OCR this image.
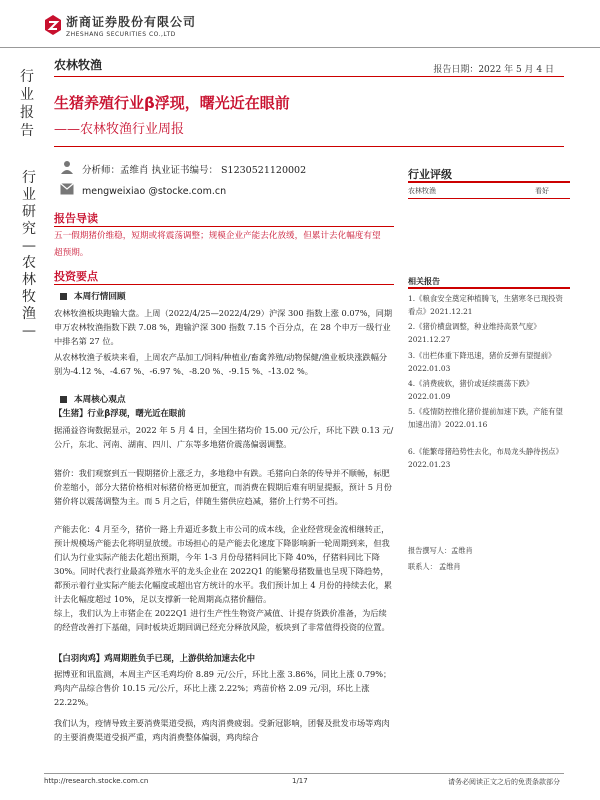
浙商证券股份有限公司
ZHESHANG SECURITIES CO.,LTD
行
业
报
告
行
业
研
究
—
农
林
牧
渔
—
农林牧渔	报告日期：2022 年 5 月 4 日
生猪养殖行业β浮现，曙光近在眼前
——农林牧渔行业周报
分析师：孟维肖 执业证书编号： S1230521120002
mengweixiao @stocke.com.cn
行业评级
农林牧渔	看好
报告导读
五一假期猪价维稳，短期或将震荡调整；规模企业产能去化放缓，但累计去化幅度有望超预期。
投资要点
本周行情回顾
农林牧渔板块跑输大盘。上周（2022/4/25—2022/4/29）沪深 300 指数上涨 0.07%，同期申万农林牧渔指数下跌 7.08 %，跑输沪深 300 指数 7.15 个百分点，在 28 个申万一级行业中排名第 27 位。
从农林牧渔子板块来看，上周农产品加工/饲料/种植业/畜禽养殖/动物保健/渔业板块涨跌幅分别为-4.12 %、-4.67 %、-6.97 %、-8.20 %、-9.15 %、-13.02 %。
本周核心观点
【生猪】行业β浮现，曙光近在眼前
据涌益咨询数据显示，2022 年 5 月 4 日，全国生猪均价 15.00 元/公斤，环比下跌 0.13 元/公斤，东北、河南、湖南、四川、广东等多地猪价震荡偏弱调整。
猪价：我们观察到五一假期猪价上涨乏力，多地稳中有跌。毛猪向白条的传导并不顺畅，标肥价差缩小，部分大猪价格相对标猪价格更加便宜，而消费在假期后难有明显提振，预计 5 月份猪价将以震荡调整为主。而 5 月之后，伴随生猪供应趋减，猪价上行势不可挡。
产能去化：4 月至今，猪价一路上升逼近多数上市公司的成本线，企业经营现金流相继转正，预计规模场产能去化将明显放缓。市场担心的是产能去化速度下降影响新一轮周期到来，但我们认为行业实际产能去化超出预期，今年 1-3 月份母猪料同比下降 40%，仔猪料同比下降 30%。同时代表行业最高养殖水平的龙头企业在 2022Q1 的能繁母猪数量也呈现下降趋势，都预示着行业实际产能去化幅度或超出官方统计的水平。我们预计加上 4 月份的持续去化，累计去化幅度超过 10%，足以支撑新一轮周期高点猪价翻倍。
综上，我们认为上市猪企在 2022Q1 进行生产性生物资产减值、计提存货跌价准备，为后续的经营改善打下基础，同时板块近期回调已经充分释放风险，板块到了非常值得投资的位置。
【白羽肉鸡】鸡周期胜负手已现，上游供给加速去化中
据博亚和讯监测，本周主产区毛鸡均价 8.89 元/公斤，环比上涨 3.86%，同比上涨 0.79%；鸡肉产品综合售价 10.15 元/公斤，环比上涨 2.22%；鸡苗价格 2.09 元/羽，环比上涨 22.22%。
我们认为，疫情导致主要消费渠道受损，鸡肉消费疲弱。受新冠影响，团餐及批发市场等鸡肉的主要消费渠道受损严重，鸡肉消费整体偏弱，鸡肉综合
相关报告
1.《粮食安全奠定种植腾飞，生猪寒冬已现投资看点》2021.12.21
2.《猪价横盘调整，种业维持高景气度》2021.12.27
3.《出栏体重下降迅速，猪价反弹有望提前》2022.01.03
4.《消费疲软，猪价或延续震荡下跌》2022.01.09
5.《疫情防控推化猪价提前加速下跌，产能有望加速出清》2022.01.16
6.《能繁母猪趋势性去化，布局龙头静待拐点》2022.01.23
报告撰写人：孟维肖
联系人： 孟维肖
http://research.stocke.com.cn	1/17	请务必阅读正文之后的免责条款部分
